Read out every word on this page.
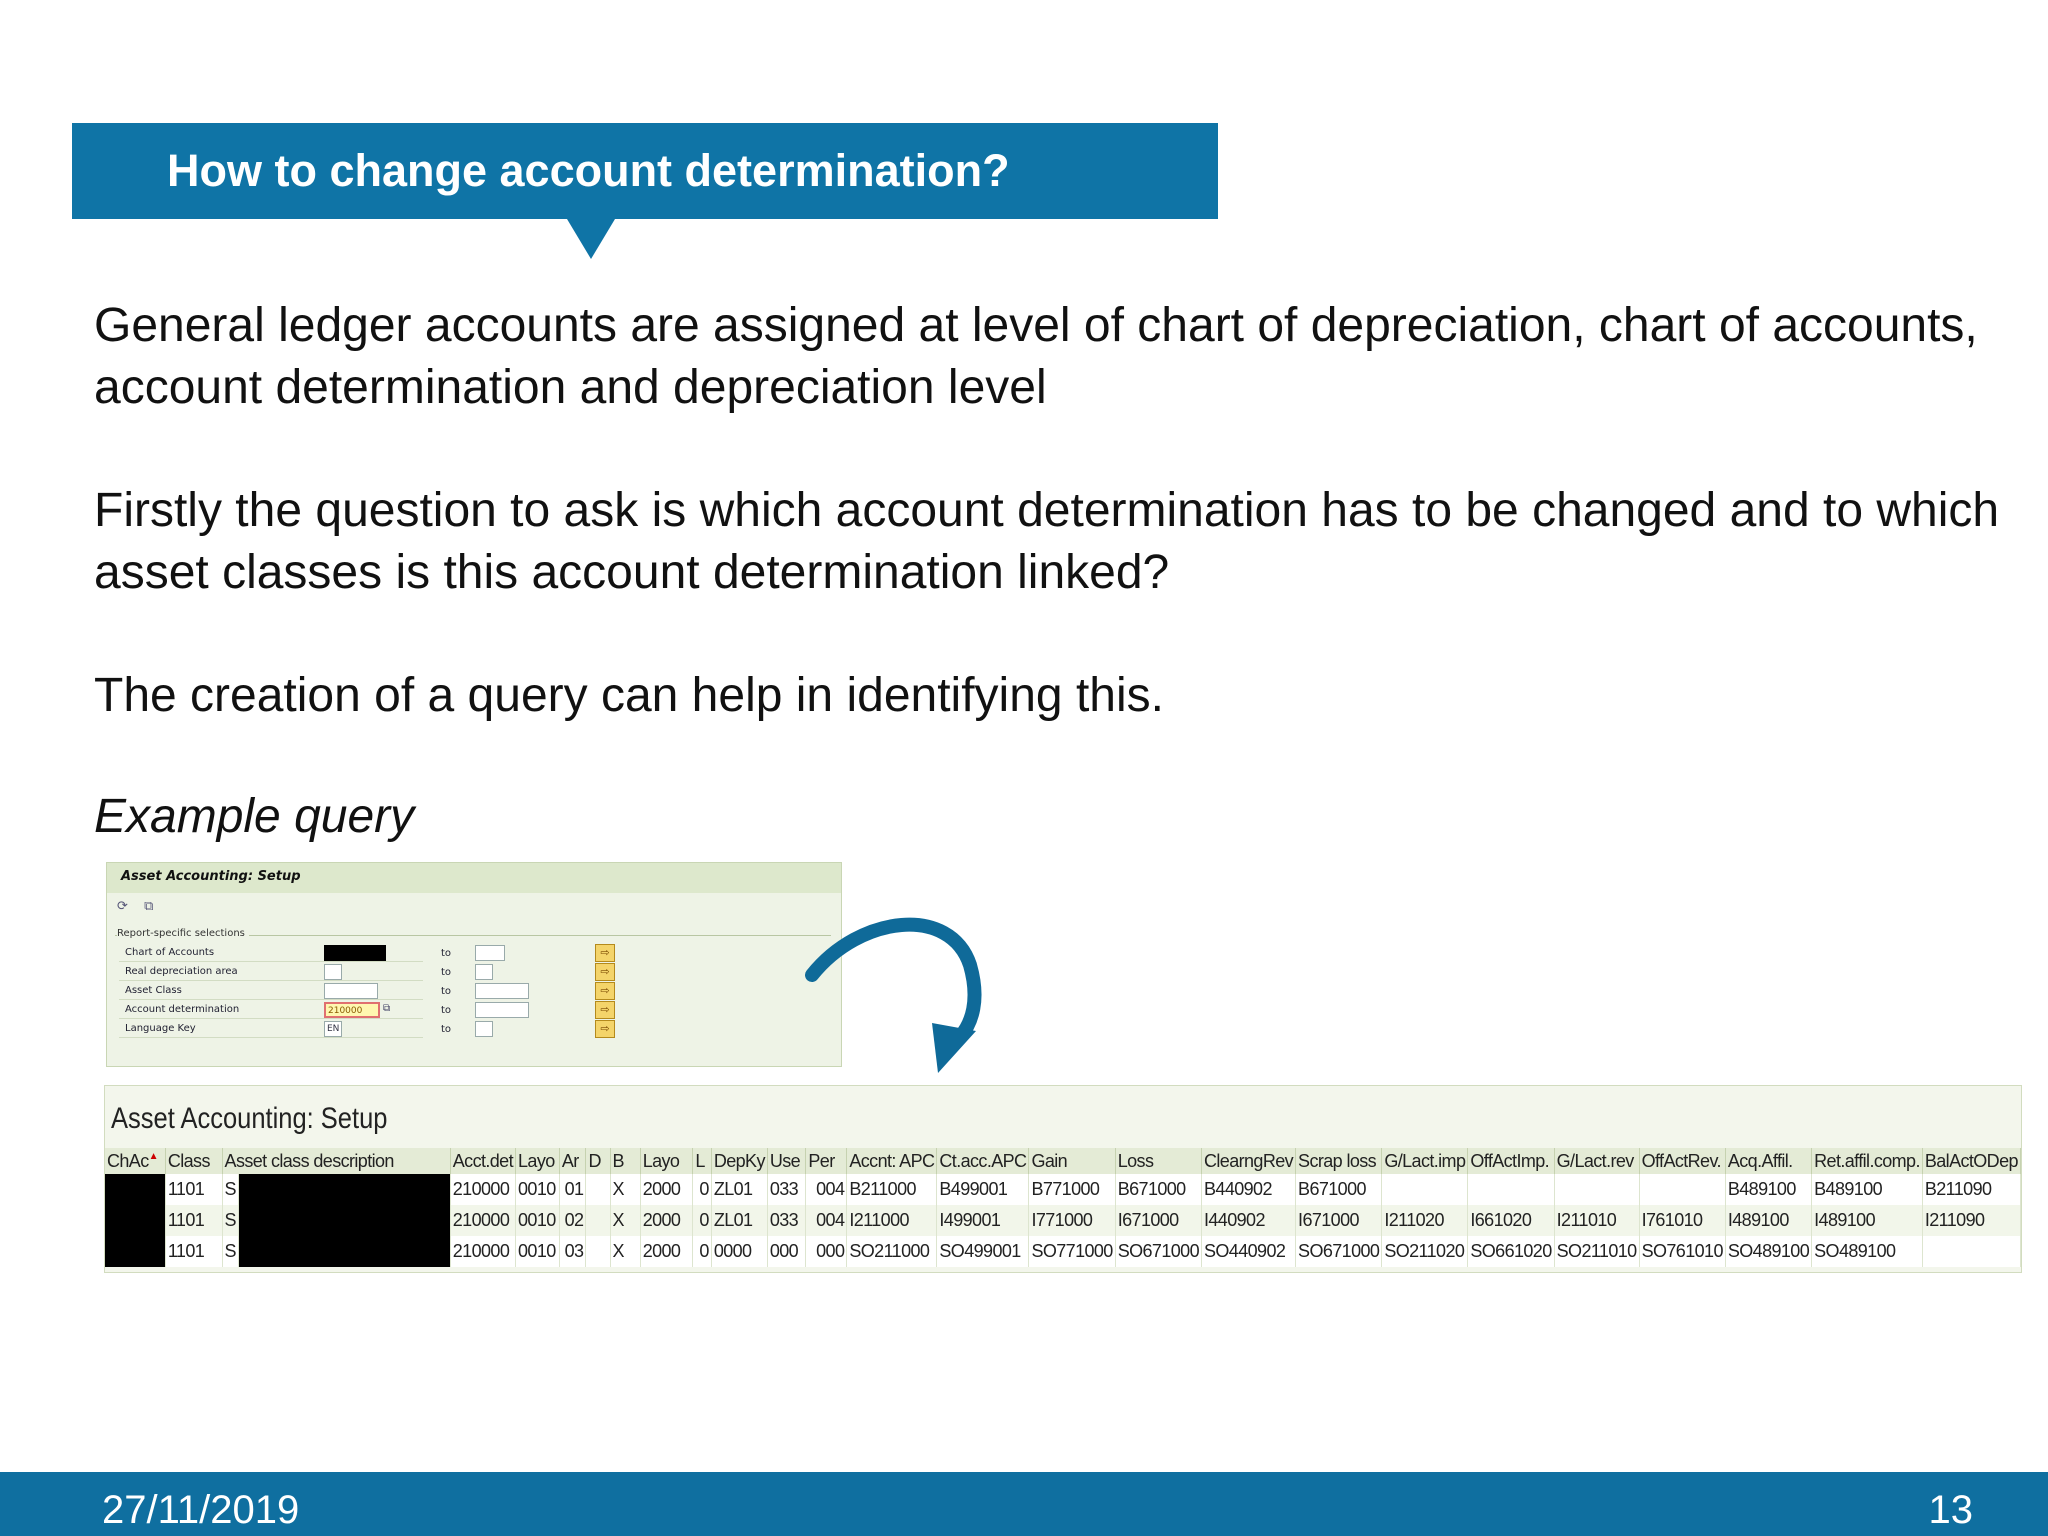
How to change account determination?
General ledger accounts are assigned at level of chart of depreciation, chart of accounts, account determination and depreciation level
Firstly the question to ask is which account determination has to be changed and to which asset classes is this account determination linked?
The creation of a query can help in identifying this.
Example query
Asset Accounting: Setup
⟳ ⧉
Report-specific selections
Chart of Accounts	to	⇨
Real depreciation area	to	⇨
Asset Class	to	⇨
Account determination	210000	⧉	to	⇨
Language Key	EN	to	⇨
Asset Accounting: Setup
ChAc▲	Class	Asset class description		Acct.det	Layo	Ar	D	B	Layo	L	DepKy	Use	Per	Accnt: APC	Ct.acc.APC	Gain	Loss	ClearngRev	Scrap loss	G/Lact.imp	OffActImp.	G/Lact.rev	OffActRev.	Acq.Affil.	Ret.affil.comp.	BalActODep
	1101	S		210000	0010	01		X	2000	0	ZL01	033	004	B211000	B499001	B771000	B671000	B440902	B671000					B489100	B489100	B211090
	1101	S		210000	0010	02		X	2000	0	ZL01	033	004	I211000	I499001	I771000	I671000	I440902	I671000	I211020	I661020	I211010	I761010	I489100	I489100	I211090
	1101	S		210000	0010	03		X	2000	0	0000	000	000	SO211000	SO499001	SO771000	SO671000	SO440902	SO671000	SO211020	SO661020	SO211010	SO761010	SO489100	SO489100	
27/11/2019	13
